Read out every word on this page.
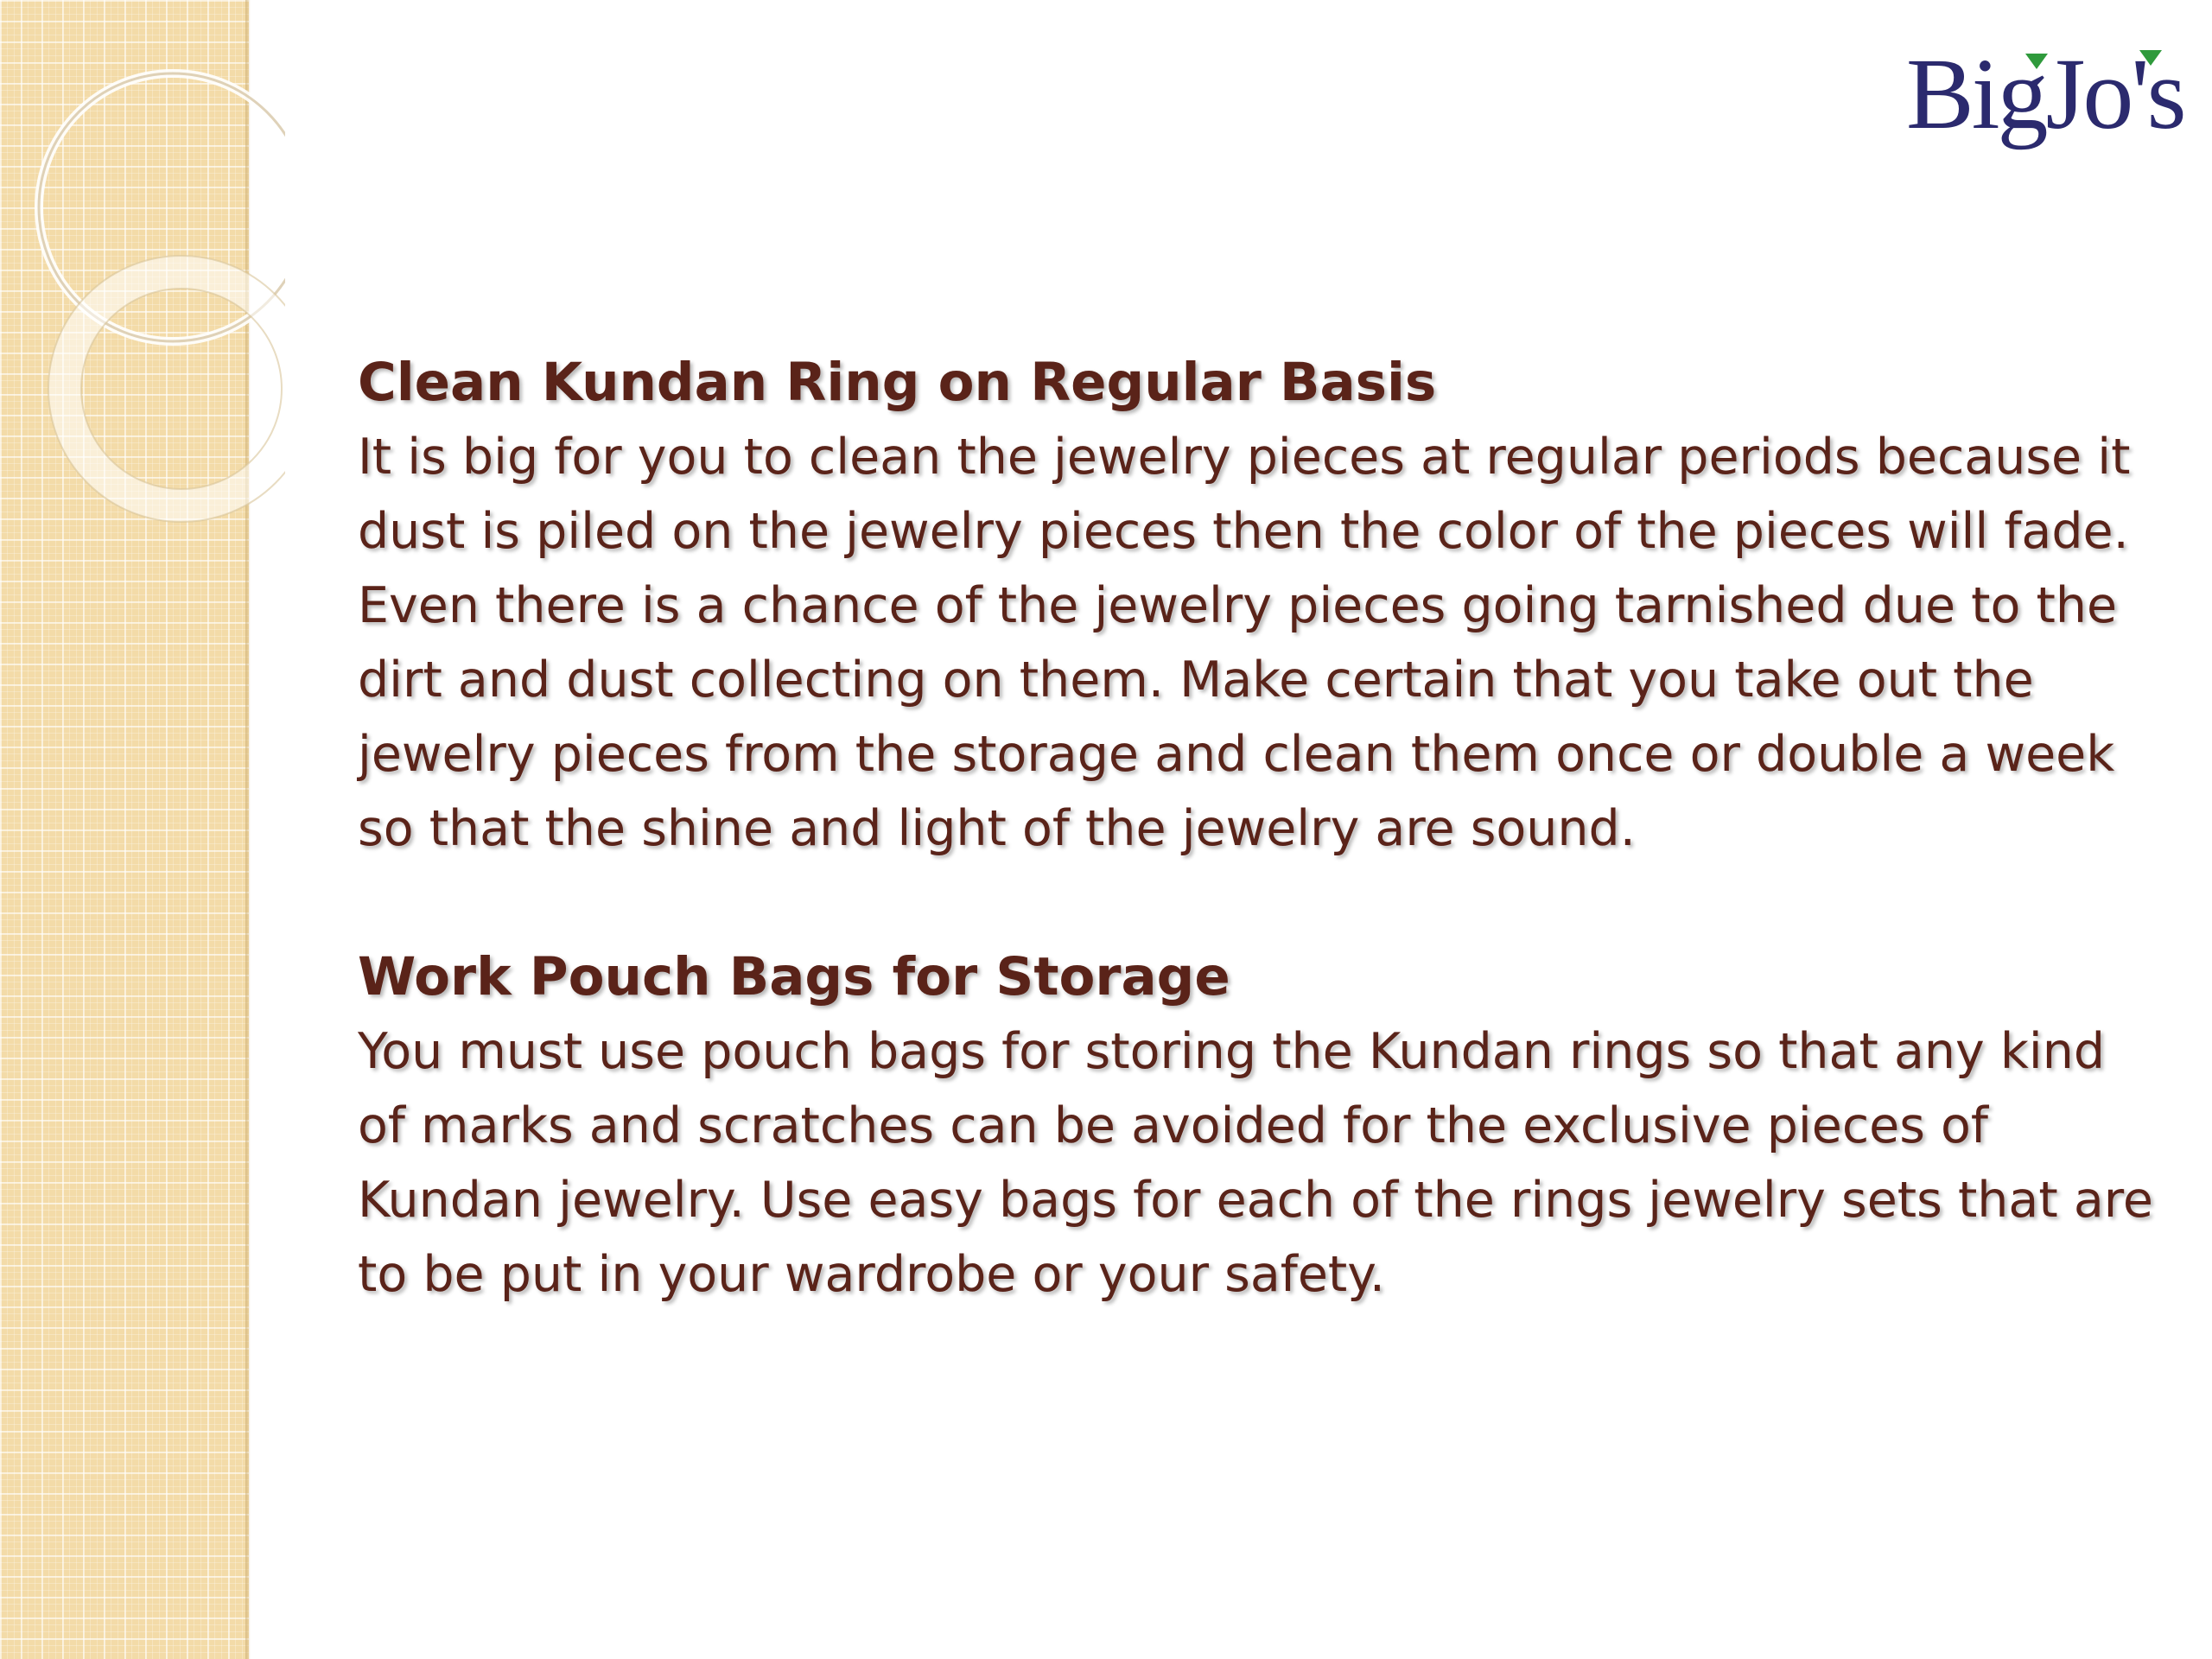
BigJo's
Clean Kundan Ring on Regular Basis

It is big for you to clean the jewelry pieces at regular periods because it dust is piled on the jewelry pieces then the color of the pieces will fade. Even there is a chance of the jewelry pieces going tarnished due to the dirt and dust collecting on them. Make certain that you take out the jewelry pieces from the storage and clean them once or double a week so that the shine and light of the jewelry are sound.

Work Pouch Bags for Storage

You must use pouch bags for storing the Kundan rings so that any kind of marks and scratches can be avoided for the exclusive pieces of Kundan jewelry. Use easy bags for each of the rings jewelry sets that are to be put in your wardrobe or your safety.
